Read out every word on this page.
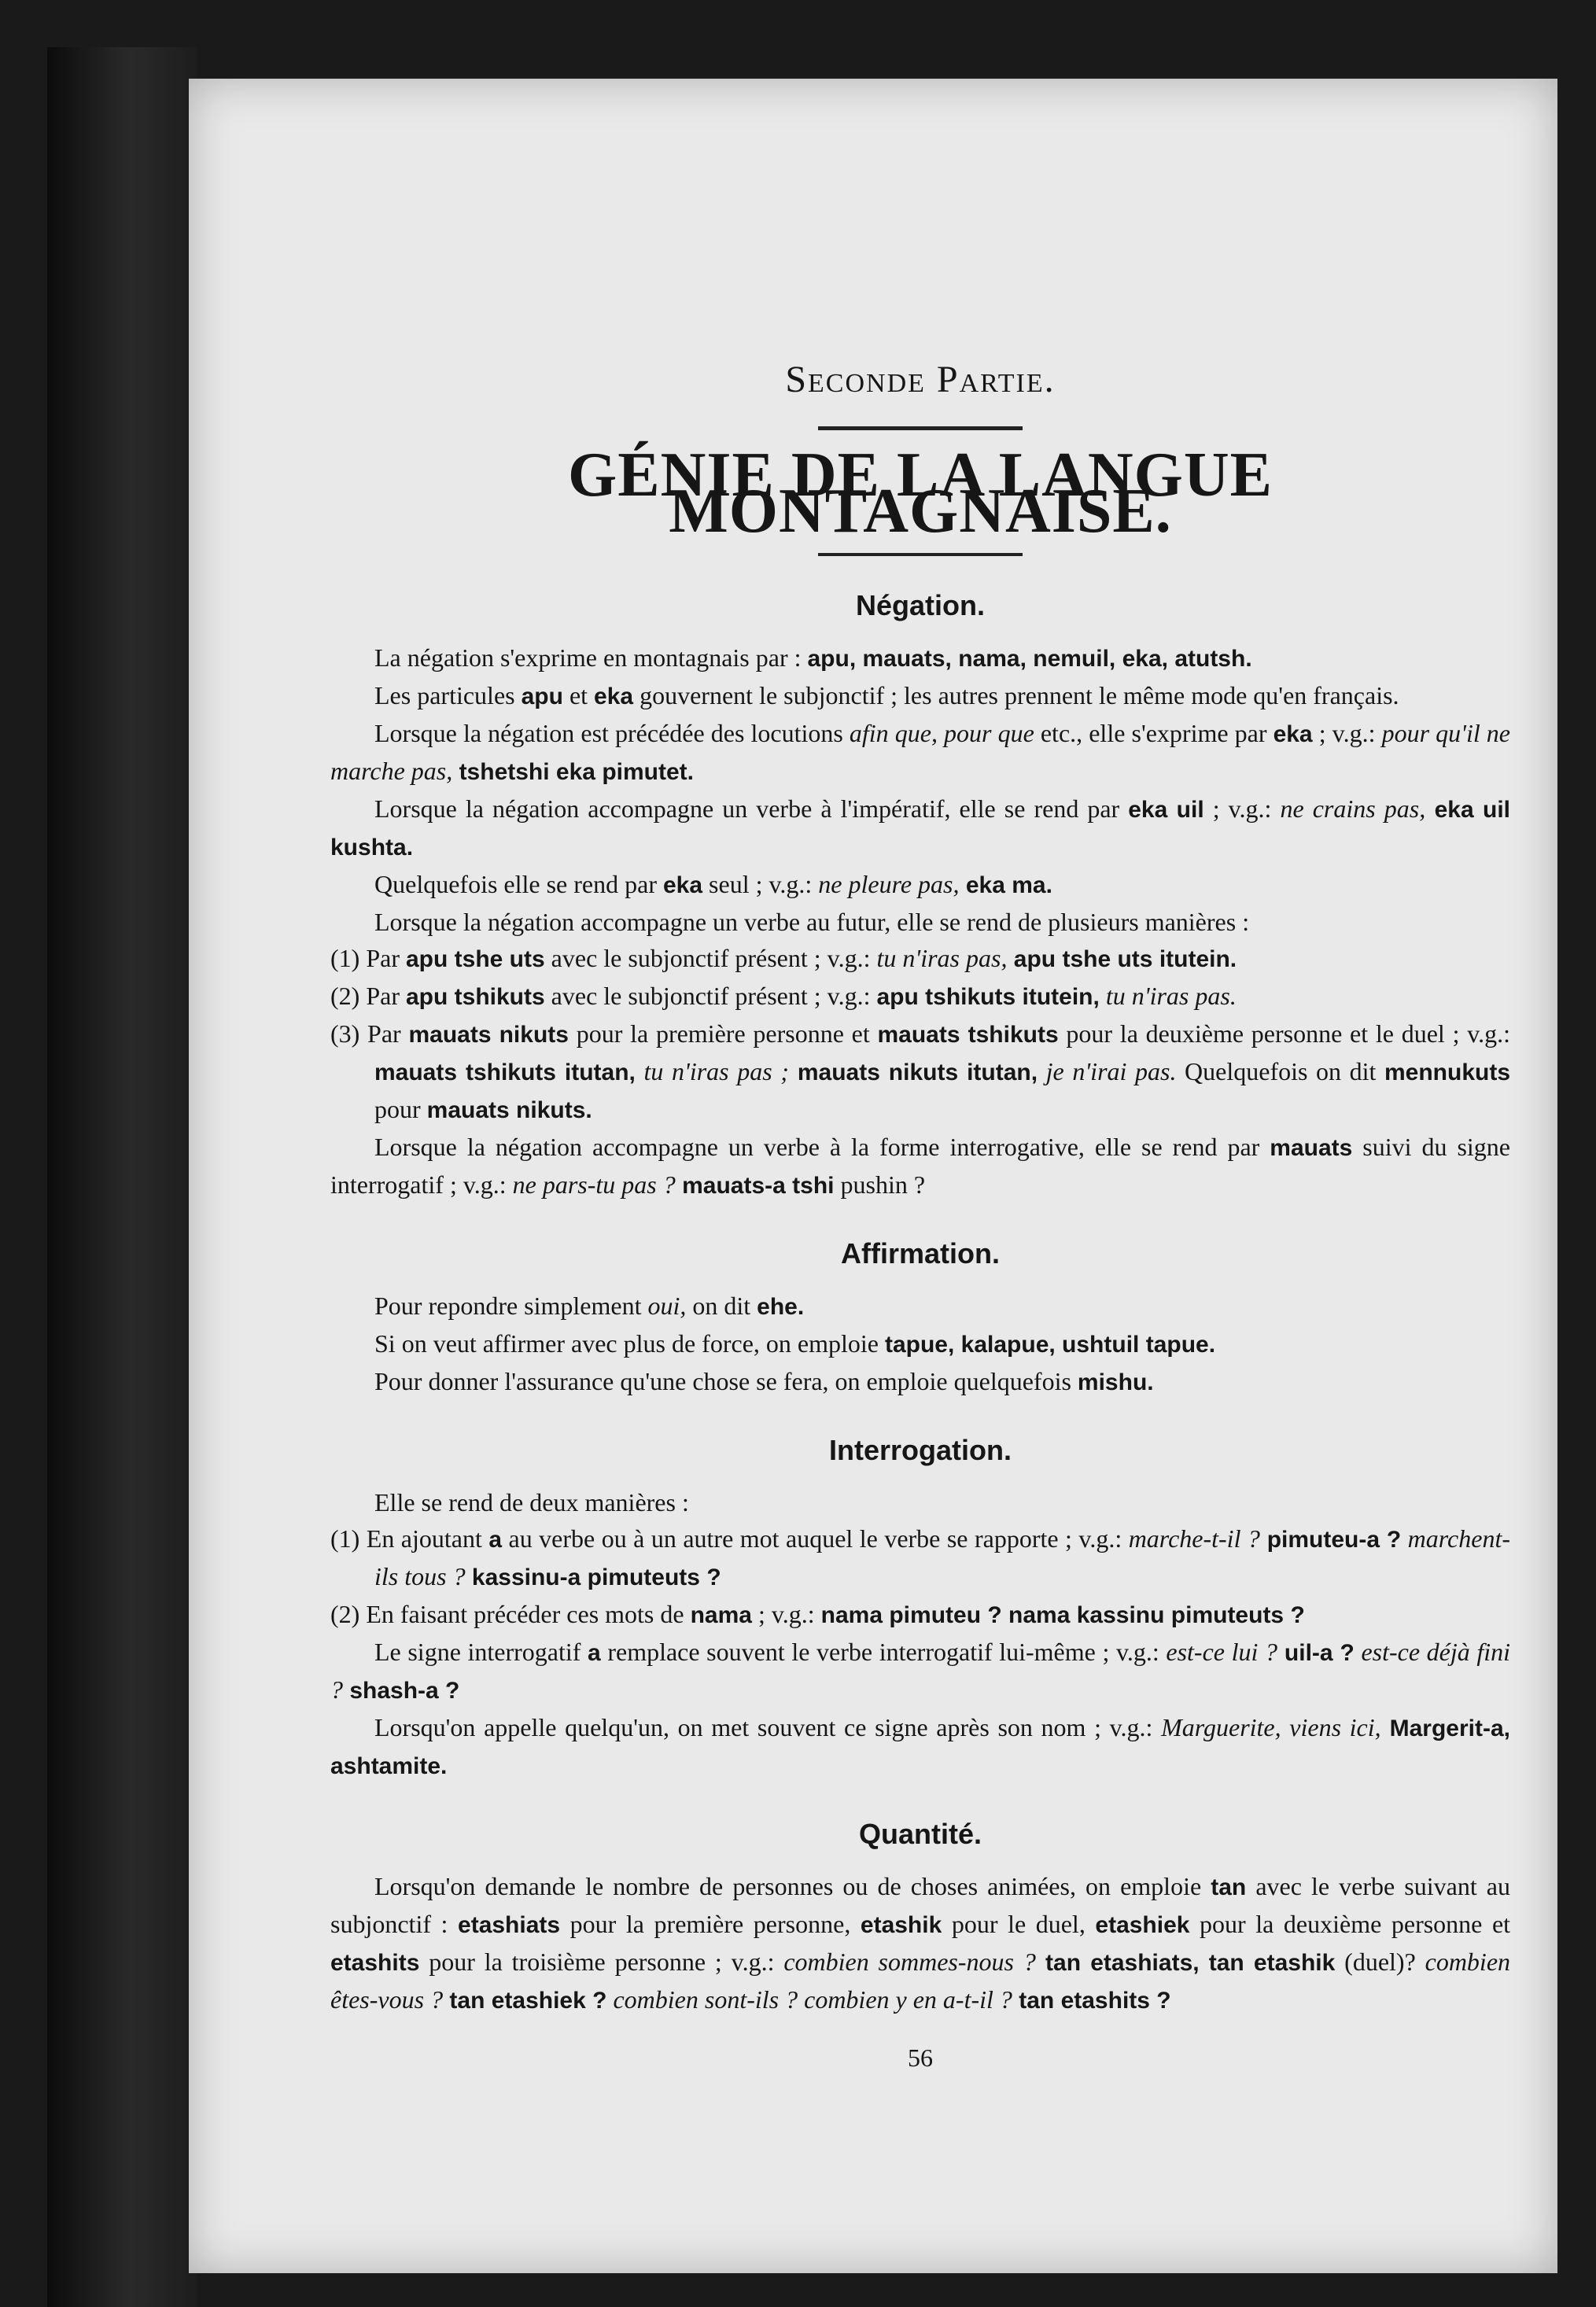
Seconde Partie.
GÉNIE DE LA LANGUE MONTAGNAISE.
Négation.

La négation s'exprime en montagnais par : apu, mauats, nama, nemuil, eka, atutsh.

Les particules apu et eka gouvernent le subjonctif ; les autres prennent le même mode qu'en français.

Lorsque la négation est précédée des locutions afin que, pour que etc., elle s'exprime par eka ; v.g.: pour qu'il ne marche pas, tshetshi eka pimutet.

Lorsque la négation accompagne un verbe à l'impératif, elle se rend par eka uil ; v.g.: ne crains pas, eka uil kushta.

Quelquefois elle se rend par eka seul ; v.g.: ne pleure pas, eka ma.

Lorsque la négation accompagne un verbe au futur, elle se rend de plusieurs manières :

(1) Par apu tshe uts avec le subjonctif présent ; v.g.: tu n'iras pas, apu tshe uts itutein.

(2) Par apu tshikuts avec le subjonctif présent ; v.g.: apu tshikuts itutein, tu n'iras pas.

(3) Par mauats nikuts pour la première personne et mauats tshikuts pour la deuxième personne et le duel ; v.g.: mauats tshikuts itutan, tu n'iras pas ; mauats nikuts itutan, je n'irai pas. Quelquefois on dit mennukuts pour mauats nikuts.

Lorsque la négation accompagne un verbe à la forme interrogative, elle se rend par mauats suivi du signe interrogatif ; v.g.: ne pars-tu pas ? mauats-a tshi pushin ?

Affirmation.

Pour repondre simplement oui, on dit ehe.

Si on veut affirmer avec plus de force, on emploie tapue, kalapue, ushtuil tapue.

Pour donner l'assurance qu'une chose se fera, on emploie quelquefois mishu.

Interrogation.

Elle se rend de deux manières :

(1) En ajoutant a au verbe ou à un autre mot auquel le verbe se rapporte ; v.g.: marche-t-il ? pimuteu-a ? marchent-ils tous ? kassinu-a pimuteuts ?

(2) En faisant précéder ces mots de nama ; v.g.: nama pimuteu ? nama kassinu pimuteuts ?

Le signe interrogatif a remplace souvent le verbe interrogatif lui-même ; v.g.: est-ce lui ? uil-a ? est-ce déjà fini ? shash-a ?

Lorsqu'on appelle quelqu'un, on met souvent ce signe après son nom ; v.g.: Marguerite, viens ici, Margerit-a, ashtamite.

Quantité.

Lorsqu'on demande le nombre de personnes ou de choses animées, on emploie tan avec le verbe suivant au subjonctif : etashiats pour la première personne, etashik pour le duel, etashiek pour la deuxième personne et etashits pour la troisième personne ; v.g.: combien sommes-nous ? tan etashiats, tan etashik (duel)? combien êtes-vous ? tan etashiek ? combien sont-ils ? combien y en a-t-il ? tan etashits ?

56
